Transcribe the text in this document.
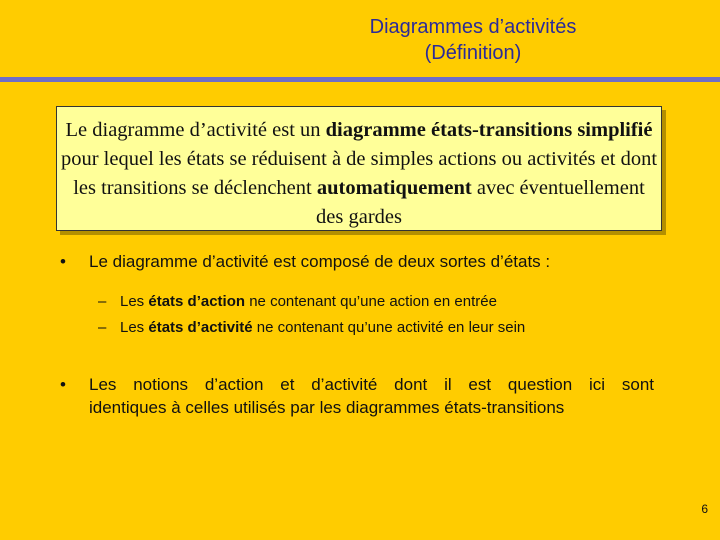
Diagrammes d’activités
(Définition)
Le diagramme d’activité est un diagramme états-transitions simplifié pour lequel les états se réduisent à de simples actions ou activités et dont les transitions se déclenchent automatiquement avec éventuellement des gardes
• Le diagramme d’activité est composé de deux sortes d’états :
– Les états d’action ne contenant qu’une action en entrée
– Les états d’activité ne contenant qu’une activité en leur sein
• Les notions d’action et d’activité dont il est question ici sont
identiques à celles utilisés par les diagrammes états-transitions
6
